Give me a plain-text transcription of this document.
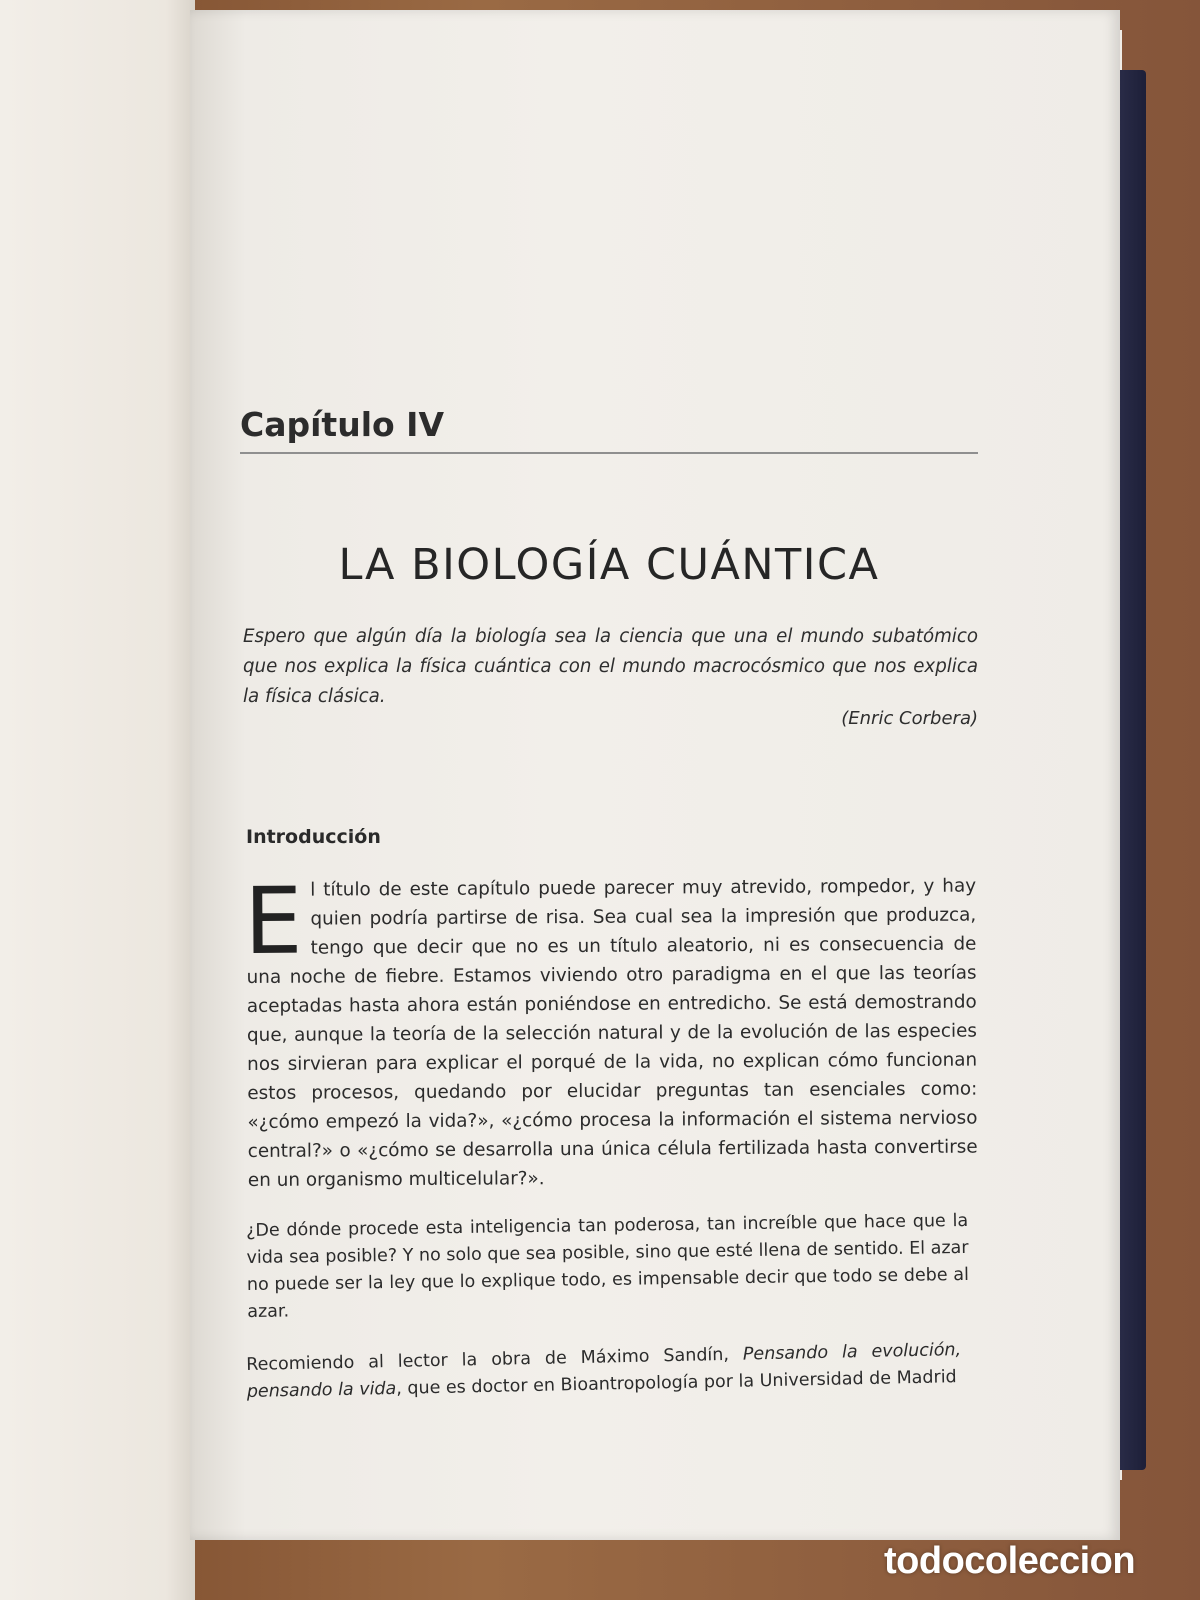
Capítulo IV
LA BIOLOGÍA CUÁNTICA
Espero que algún día la biología sea la ciencia que una el mundo subatómico que nos explica la física cuántica con el mundo macrocósmico que nos explica la física clásica.
(Enric Corbera)
Introducción
El título de este capítulo puede parecer muy atrevido, rompedor, y hay quien podría partirse de risa. Sea cual sea la impresión que produzca, tengo que decir que no es un título aleatorio, ni es consecuencia de una noche de fiebre. Estamos viviendo otro paradigma en el que las teorías aceptadas hasta ahora están poniéndose en entredicho. Se está demostrando que, aunque la teoría de la selección natural y de la evolución de las especies nos sirvieran para explicar el porqué de la vida, no explican cómo funcionan estos procesos, quedando por elucidar preguntas tan esenciales como: «¿cómo empezó la vida?», «¿cómo procesa la información el sistema nervioso central?» o «¿cómo se desarrolla una única célula fertilizada hasta convertirse en un organismo multicelular?».
¿De dónde procede esta inteligencia tan poderosa, tan increíble que hace que la vida sea posible? Y no solo que sea posible, sino que esté llena de sentido. El azar no puede ser la ley que lo explique todo, es impensable decir que todo se debe al azar.
Recomiendo al lector la obra de Máximo Sandín, Pensando la evolución, pensando la vida, que es doctor en Bioantropología por la Universidad de Madrid
todocoleccion
